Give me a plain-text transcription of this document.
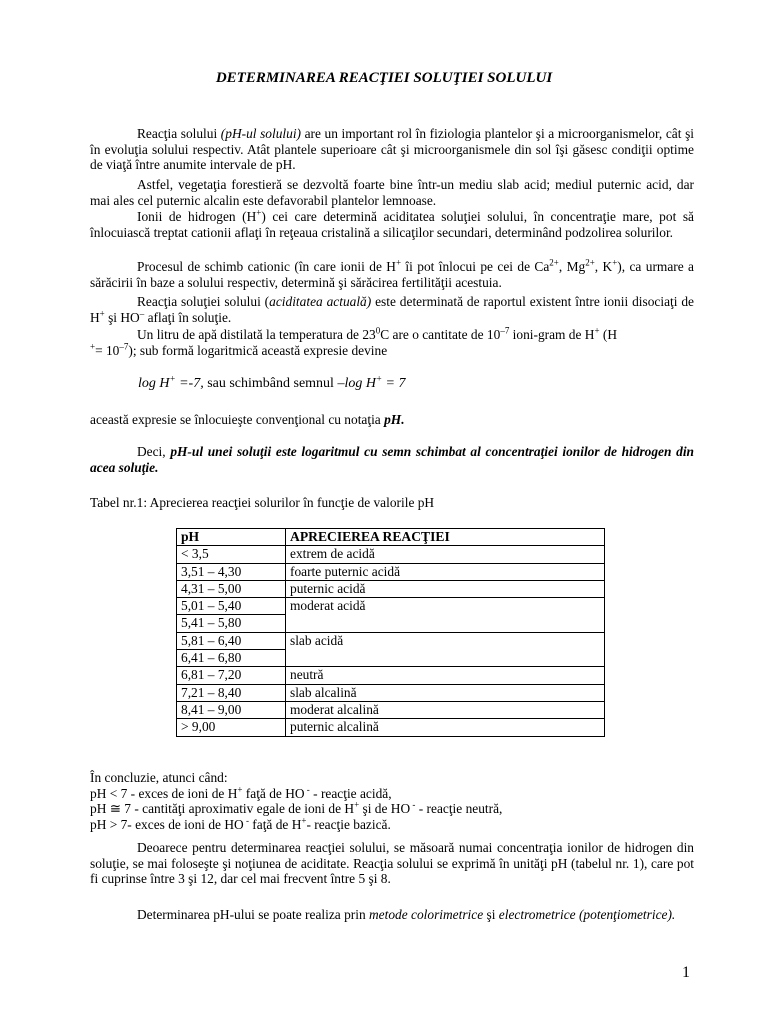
DETERMINAREA REACŢIEI SOLUŢIEI SOLULUI

Reacţia solului (pH-ul solului) are un important rol în fiziologia plantelor şi a microorganismelor, cât şi în evoluţia solului respectiv. Atât plantele superioare cât şi microorganismele din sol îşi găsesc condiţii optime de viaţă între anumite intervale de pH.

Astfel, vegetaţia forestieră se dezvoltă foarte bine într-un mediu slab acid; mediul puternic acid, dar mai ales cel puternic alcalin este defavorabil plantelor lemnoase.

Ionii de hidrogen (H+) cei care determină aciditatea soluţiei solului, în concentraţie mare, pot să înlocuiască treptat cationii aflaţi în reţeaua cristalină a silicaţilor secundari, determinând podzolirea solurilor.

Procesul de schimb cationic (în care ionii de H+ îi pot înlocui pe cei de $Ca^{2+}$, $Mg^{2+}$, K+), ca urmare a sărăcirii în baze a solului respectiv, determină şi sărăcirea fertilităţii acestuia.

Reacţia soluţiei solului (aciditatea actuală) este determinată de raportul existent între ionii disociaţi de H+ şi HO– aflaţi în soluţie.

Un litru de apă distilată la temperatura de $23^0C$ are o cantitate de $10^{-7}$ ioni-gram de H+ (H
$^+= 10^{-7}$); sub formă logaritmică această expresie devine

log H+ =-7, sau schimbând semnul –log H+ = 7

această expresie se înlocuieşte convenţional cu notaţia pH.

Deci, pH-ul unei soluţii este logaritmul cu semn schimbat al concentraţiei ionilor de hidrogen din acea soluţie.

Tabel nr.1: Aprecierea reacţiei solurilor în funcţie de valorile pH
pH	APRECIEREA REACŢIEI
< 3,5	extrem de acidă
3,51 – 4,30	foarte puternic acidă
4,31 – 5,00	puternic acidă
5,01 – 5,40	moderat acidă
5,41 – 5,80	
5,81 – 6,40	slab acidă
6,41 – 6,80	
6,81 – 7,20	neutră
7,21 – 8,40	slab alcalină
8,41 – 9,00	moderat alcalină
> 9,00	puternic alcalină
În concluzie, atunci când:
pH < 7 - exces de ioni de H+ faţă de HO - - reacţie acidă,
pH ≅ 7 - cantităţi aproximativ egale de ioni de H+ şi de HO - - reacţie neutră,
pH > 7- exces de ioni de HO - faţă de H+- reacţie bazică.

Deoarece pentru determinarea reacţiei solului, se măsoară numai concentraţia ionilor de hidrogen din soluţie, se mai foloseşte şi noţiunea de aciditate. Reacţia solului se exprimă în unităţi pH (tabelul nr. 1), care pot fi cuprinse între 3 şi 12, dar cel mai frecvent între 5 şi 8.

Determinarea pH-ului se poate realiza prin metode colorimetrice şi electrometrice (potenţiometrice).

1
